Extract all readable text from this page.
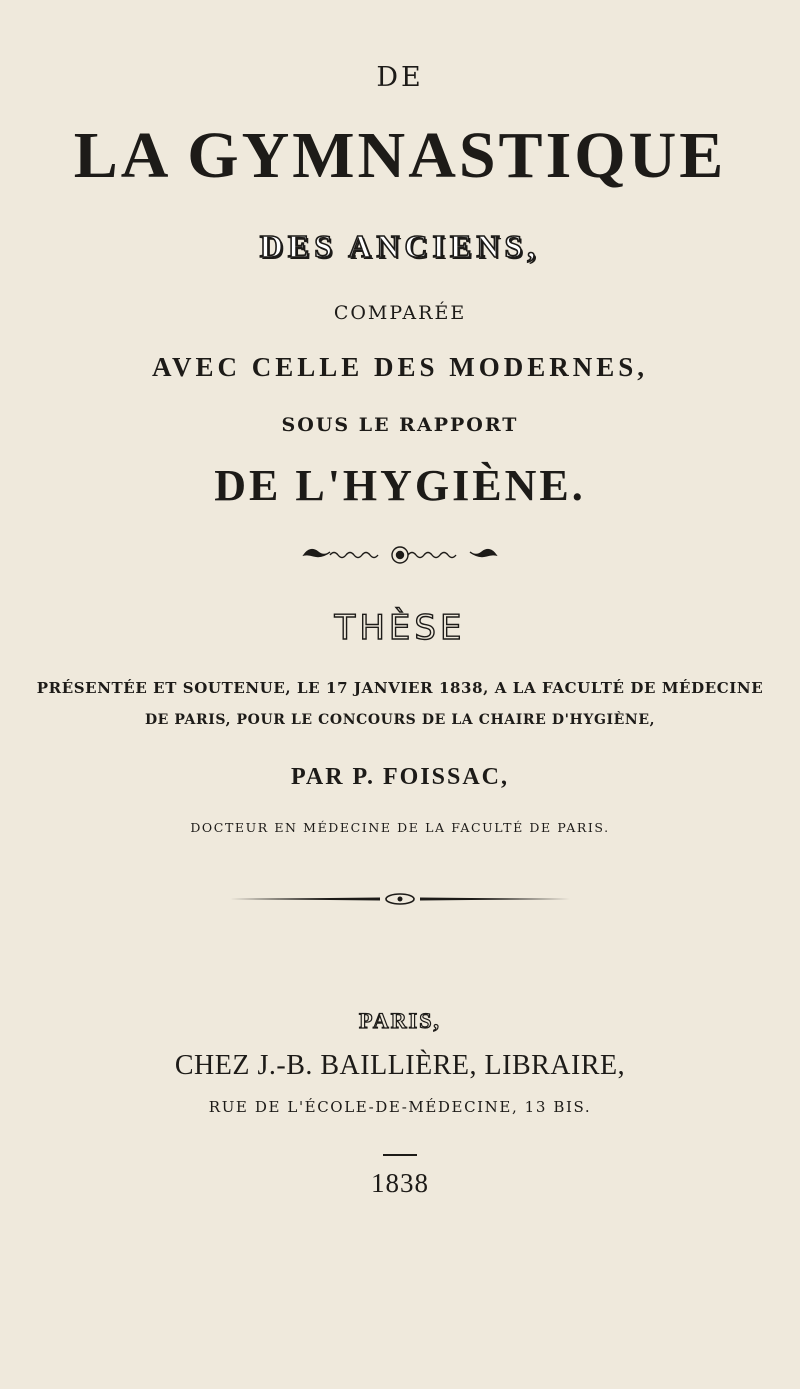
DE
LA GYMNASTIQUE
DES ANCIENS,
COMPARÉE
AVEC CELLE DES MODERNES,
SOUS LE RAPPORT
DE L'HYGIÈNE.
THÈSE
PRÉSENTÉE ET SOUTENUE, LE 17 JANVIER 1838, A LA FACULTÉ DE MÉDECINE
DE PARIS, POUR LE CONCOURS DE LA CHAIRE D'HYGIÈNE,
PAR P. FOISSAC,
DOCTEUR EN MÉDECINE DE LA FACULTÉ DE PARIS.
PARIS,
CHEZ J.-B. BAILLIÈRE, LIBRAIRE,
RUE DE L'ÉCOLE-DE-MÉDECINE, 13 BIS.
1838
